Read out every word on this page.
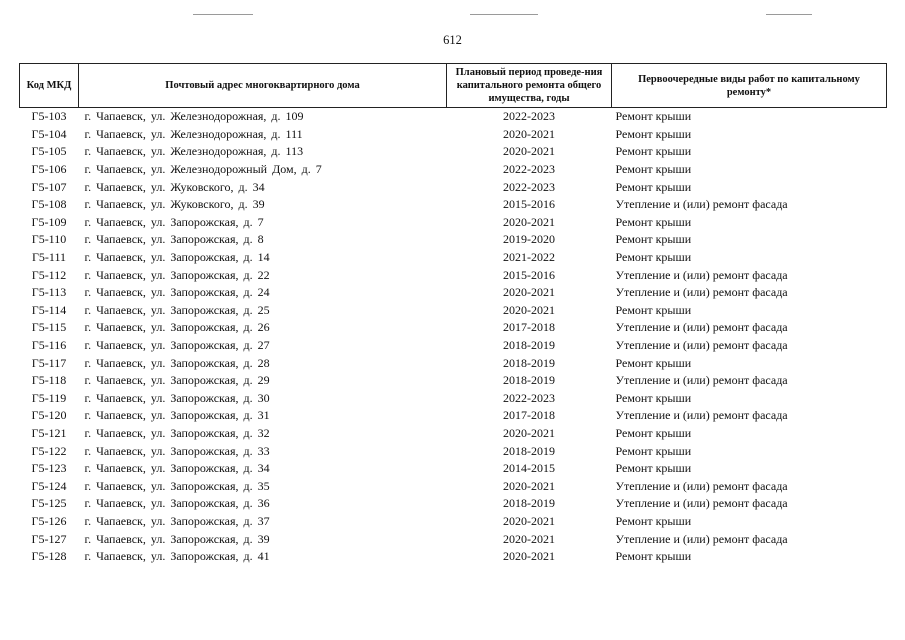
612
Код МКД	Почтовый адрес многоквартирного дома	Плановый период проведе-ния капитального ремонта общего имущества, годы	Первоочередные виды работ по капитальному ремонту*
Г5-103	г. Чапаевск, ул. Железнодорожная, д. 109	2022-2023	Ремонт крыши
Г5-104	г. Чапаевск, ул. Железнодорожная, д. 111	2020-2021	Ремонт крыши
Г5-105	г. Чапаевск, ул. Железнодорожная, д. 113	2020-2021	Ремонт крыши
Г5-106	г. Чапаевск, ул. Железнодорожный Дом, д. 7	2022-2023	Ремонт крыши
Г5-107	г. Чапаевск, ул. Жуковского, д. 34	2022-2023	Ремонт крыши
Г5-108	г. Чапаевск, ул. Жуковского, д. 39	2015-2016	Утепление и (или) ремонт фасада
Г5-109	г. Чапаевск, ул. Запорожская, д. 7	2020-2021	Ремонт крыши
Г5-110	г. Чапаевск, ул. Запорожская, д. 8	2019-2020	Ремонт крыши
Г5-111	г. Чапаевск, ул. Запорожская, д. 14	2021-2022	Ремонт крыши
Г5-112	г. Чапаевск, ул. Запорожская, д. 22	2015-2016	Утепление и (или) ремонт фасада
Г5-113	г. Чапаевск, ул. Запорожская, д. 24	2020-2021	Утепление и (или) ремонт фасада
Г5-114	г. Чапаевск, ул. Запорожская, д. 25	2020-2021	Ремонт крыши
Г5-115	г. Чапаевск, ул. Запорожская, д. 26	2017-2018	Утепление и (или) ремонт фасада
Г5-116	г. Чапаевск, ул. Запорожская, д. 27	2018-2019	Утепление и (или) ремонт фасада
Г5-117	г. Чапаевск, ул. Запорожская, д. 28	2018-2019	Ремонт крыши
Г5-118	г. Чапаевск, ул. Запорожская, д. 29	2018-2019	Утепление и (или) ремонт фасада
Г5-119	г. Чапаевск, ул. Запорожская, д. 30	2022-2023	Ремонт крыши
Г5-120	г. Чапаевск, ул. Запорожская, д. 31	2017-2018	Утепление и (или) ремонт фасада
Г5-121	г. Чапаевск, ул. Запорожская, д. 32	2020-2021	Ремонт крыши
Г5-122	г. Чапаевск, ул. Запорожская, д. 33	2018-2019	Ремонт крыши
Г5-123	г. Чапаевск, ул. Запорожская, д. 34	2014-2015	Ремонт крыши
Г5-124	г. Чапаевск, ул. Запорожская, д. 35	2020-2021	Утепление и (или) ремонт фасада
Г5-125	г. Чапаевск, ул. Запорожская, д. 36	2018-2019	Утепление и (или) ремонт фасада
Г5-126	г. Чапаевск, ул. Запорожская, д. 37	2020-2021	Ремонт крыши
Г5-127	г. Чапаевск, ул. Запорожская, д. 39	2020-2021	Утепление и (или) ремонт фасада
Г5-128	г. Чапаевск, ул. Запорожская, д. 41	2020-2021	Ремонт крыши
